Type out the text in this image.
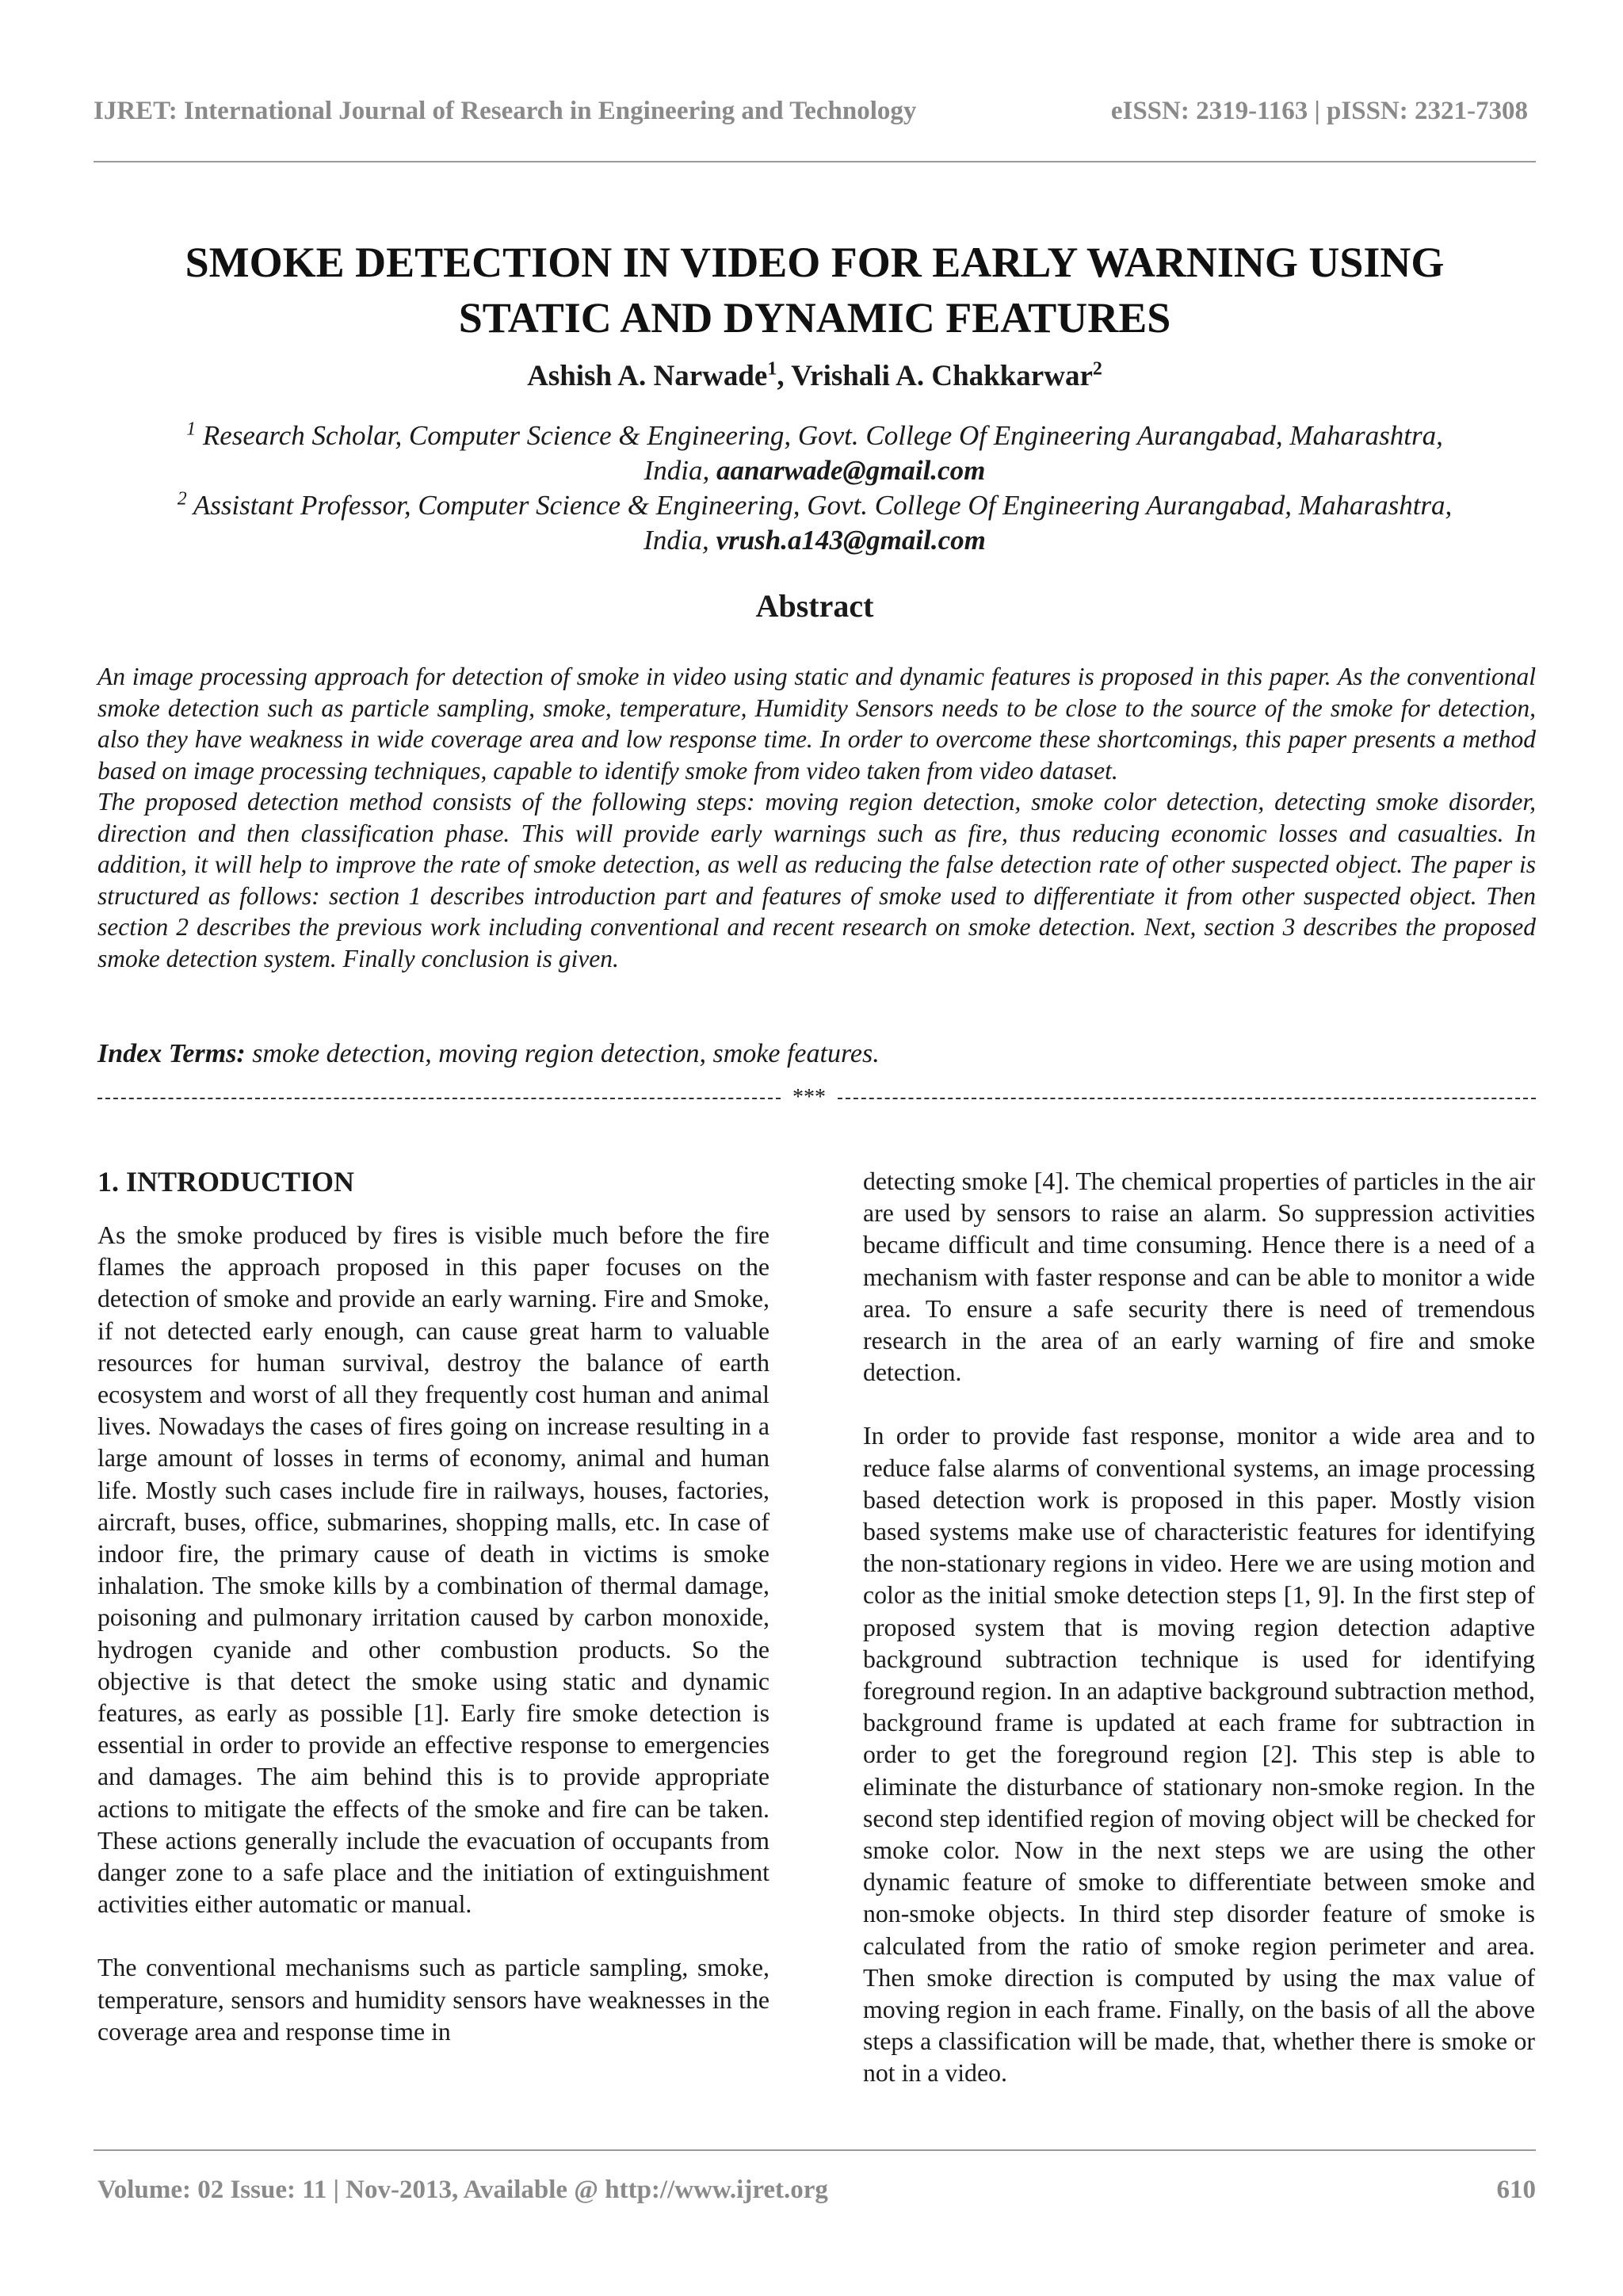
IJRET: International Journal of Research in Engineering and Technology	eISSN: 2319-1163 | pISSN: 2321-7308
SMOKE DETECTION IN VIDEO FOR EARLY WARNING USING
STATIC AND DYNAMIC FEATURES
Ashish A. Narwade$^1$, Vrishali A. Chakkarwar$^2$
$^1$ Research Scholar, Computer Science & Engineering, Govt. College Of Engineering Aurangabad, Maharashtra,
India, aanarwade@gmail.com
$^2$ Assistant Professor, Computer Science & Engineering, Govt. College Of Engineering Aurangabad, Maharashtra,
India, vrush.a143@gmail.com
Abstract

An image processing approach for detection of smoke in video using static and dynamic features is proposed in this paper. As the conventional smoke detection such as particle sampling, smoke, temperature, Humidity Sensors needs to be close to the source of the smoke for detection, also they have weakness in wide coverage area and low response time. In order to overcome these shortcomings, this paper presents a method based on image processing techniques, capable to identify smoke from video taken from video dataset.

The proposed detection method consists of the following steps: moving region detection, smoke color detection, detecting smoke disorder, direction and then classification phase. This will provide early warnings such as fire, thus reducing economic losses and casualties. In addition, it will help to improve the rate of smoke detection, as well as reducing the false detection rate of other suspected object. The paper is structured as follows: section 1 describes introduction part and features of smoke used to differentiate it from other suspected object. Then section 2 describes the previous work including conventional and recent research on smoke detection. Next, section 3 describes the proposed smoke detection system. Finally conclusion is given.

Index Terms: smoke detection, moving region detection, smoke features.
***
1. INTRODUCTION

As the smoke produced by fires is visible much before the fire flames the approach proposed in this paper focuses on the detection of smoke and provide an early warning. Fire and Smoke, if not detected early enough, can cause great harm to valuable resources for human survival, destroy the balance of earth ecosystem and worst of all they frequently cost human and animal lives. Nowadays the cases of fires going on increase resulting in a large amount of losses in terms of economy, animal and human life. Mostly such cases include fire in railways, houses, factories, aircraft, buses, office, submarines, shopping malls, etc. In case of indoor fire, the primary cause of death in victims is smoke inhalation. The smoke kills by a combination of thermal damage, poisoning and pulmonary irritation caused by carbon monoxide, hydrogen cyanide and other combustion products. So the objective is that detect the smoke using static and dynamic features, as early as possible [1]. Early fire smoke detection is essential in order to provide an effective response to emergencies and damages. The aim behind this is to provide appropriate actions to mitigate the effects of the smoke and fire can be taken. These actions generally include the evacuation of occupants from danger zone to a safe place and the initiation of extinguishment activities either automatic or manual.

The conventional mechanisms such as particle sampling, smoke, temperature, sensors and humidity sensors have weaknesses in the coverage area and response time in

detecting smoke [4]. The chemical properties of particles in the air are used by sensors to raise an alarm. So suppression activities became difficult and time consuming. Hence there is a need of a mechanism with faster response and can be able to monitor a wide area. To ensure a safe security there is need of tremendous research in the area of an early warning of fire and smoke detection.

In order to provide fast response, monitor a wide area and to reduce false alarms of conventional systems, an image processing based detection work is proposed in this paper. Mostly vision based systems make use of characteristic features for identifying the non-stationary regions in video. Here we are using motion and color as the initial smoke detection steps [1, 9]. In the first step of proposed system that is moving region detection adaptive background subtraction technique is used for identifying foreground region. In an adaptive background subtraction method, background frame is updated at each frame for subtraction in order to get the foreground region [2]. This step is able to eliminate the disturbance of stationary non-smoke region. In the second step identified region of moving object will be checked for smoke color. Now in the next steps we are using the other dynamic feature of smoke to differentiate between smoke and non-smoke objects. In third step disorder feature of smoke is calculated from the ratio of smoke region perimeter and area. Then smoke direction is computed by using the max value of moving region in each frame. Finally, on the basis of all the above steps a classification will be made, that, whether there is smoke or not in a video.

Volume: 02 Issue: 11 | Nov-2013, Available @ http://www.ijret.org	610
